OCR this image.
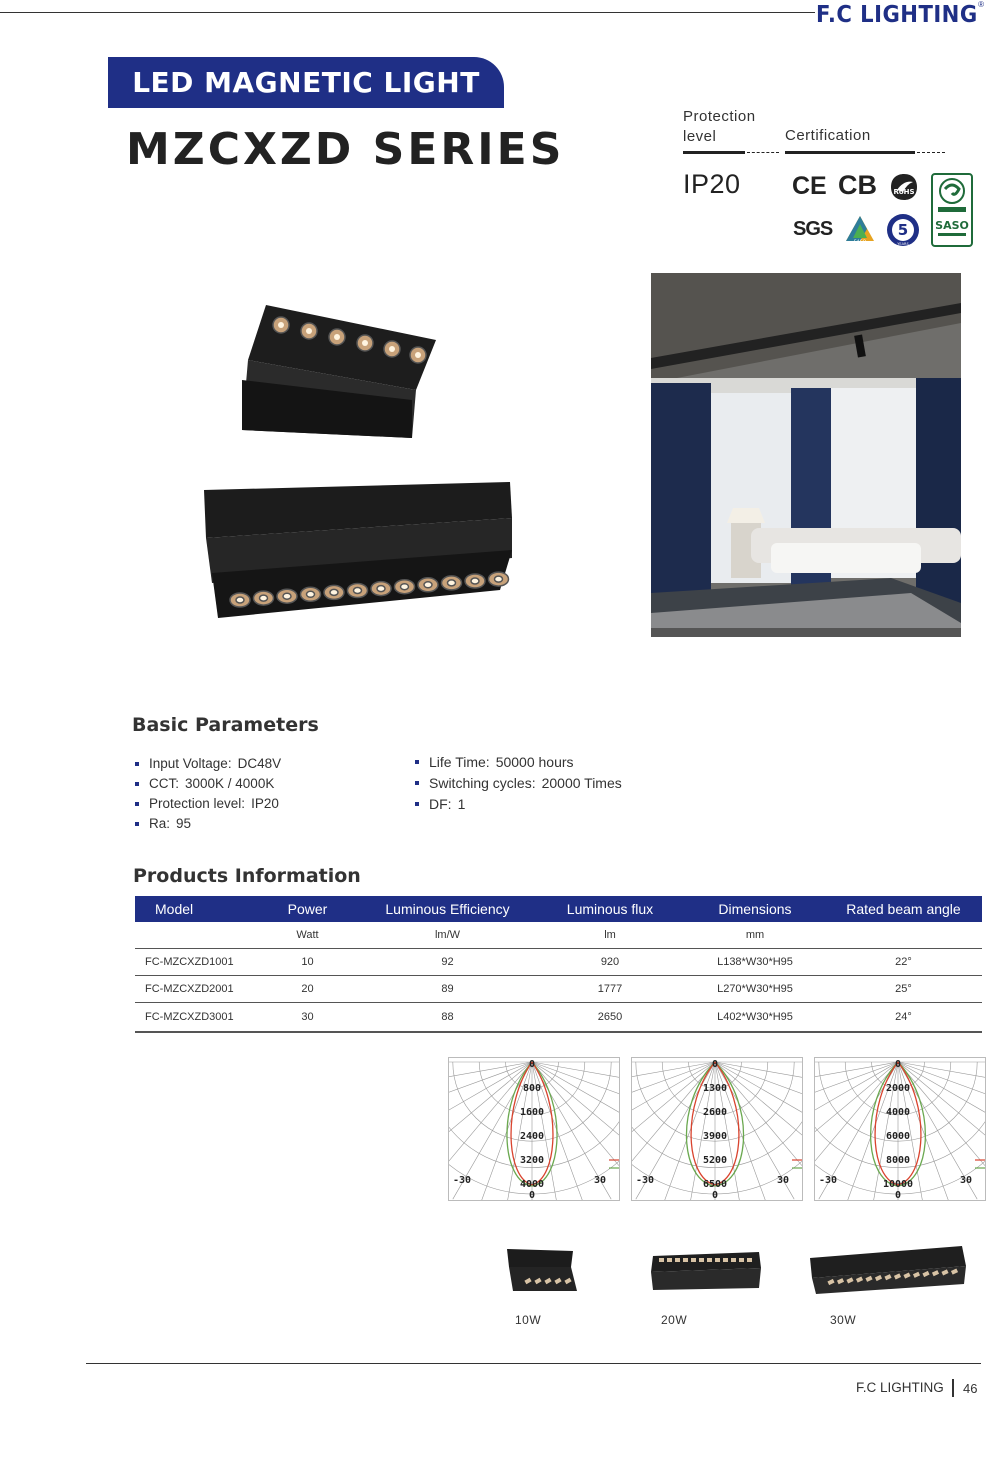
F.C LIGHTING ®
LED MAGNETIC LIGHT
MZCXZD SERIES
Protection
level	Certification
IP20 CE CB RoHS
SASO
SGS
SASO
5
YEARS
Basic Parameters
Input Voltage: DC48V
CCT: 3000K / 4000K
Protection level: IP20
Ra: 95
Life Time: 50000 hours
Switching cycles: 20000 Times
DF: 1
Products Information
Model	Power	Luminous Efficiency	Luminous flux	Dimensions	Rated beam angle
	Watt	lm/W	lm	mm	
FC-MZCXZD1001	10	92	920	L138*W30*H95	22°
FC-MZCXZD2001	20	89	1777	L270*W30*H95	25°
FC-MZCXZD3001	30	88	2650	L402*W30*H95	24°
0
800
1600
2400
3200
4000
0
-30	30
0
1300
2600
3900
5200
6500
0
-30	30
0
2000
4000
6000
8000
10000
0
-30	30
10W	20W	30W
F.C LIGHTING 46
